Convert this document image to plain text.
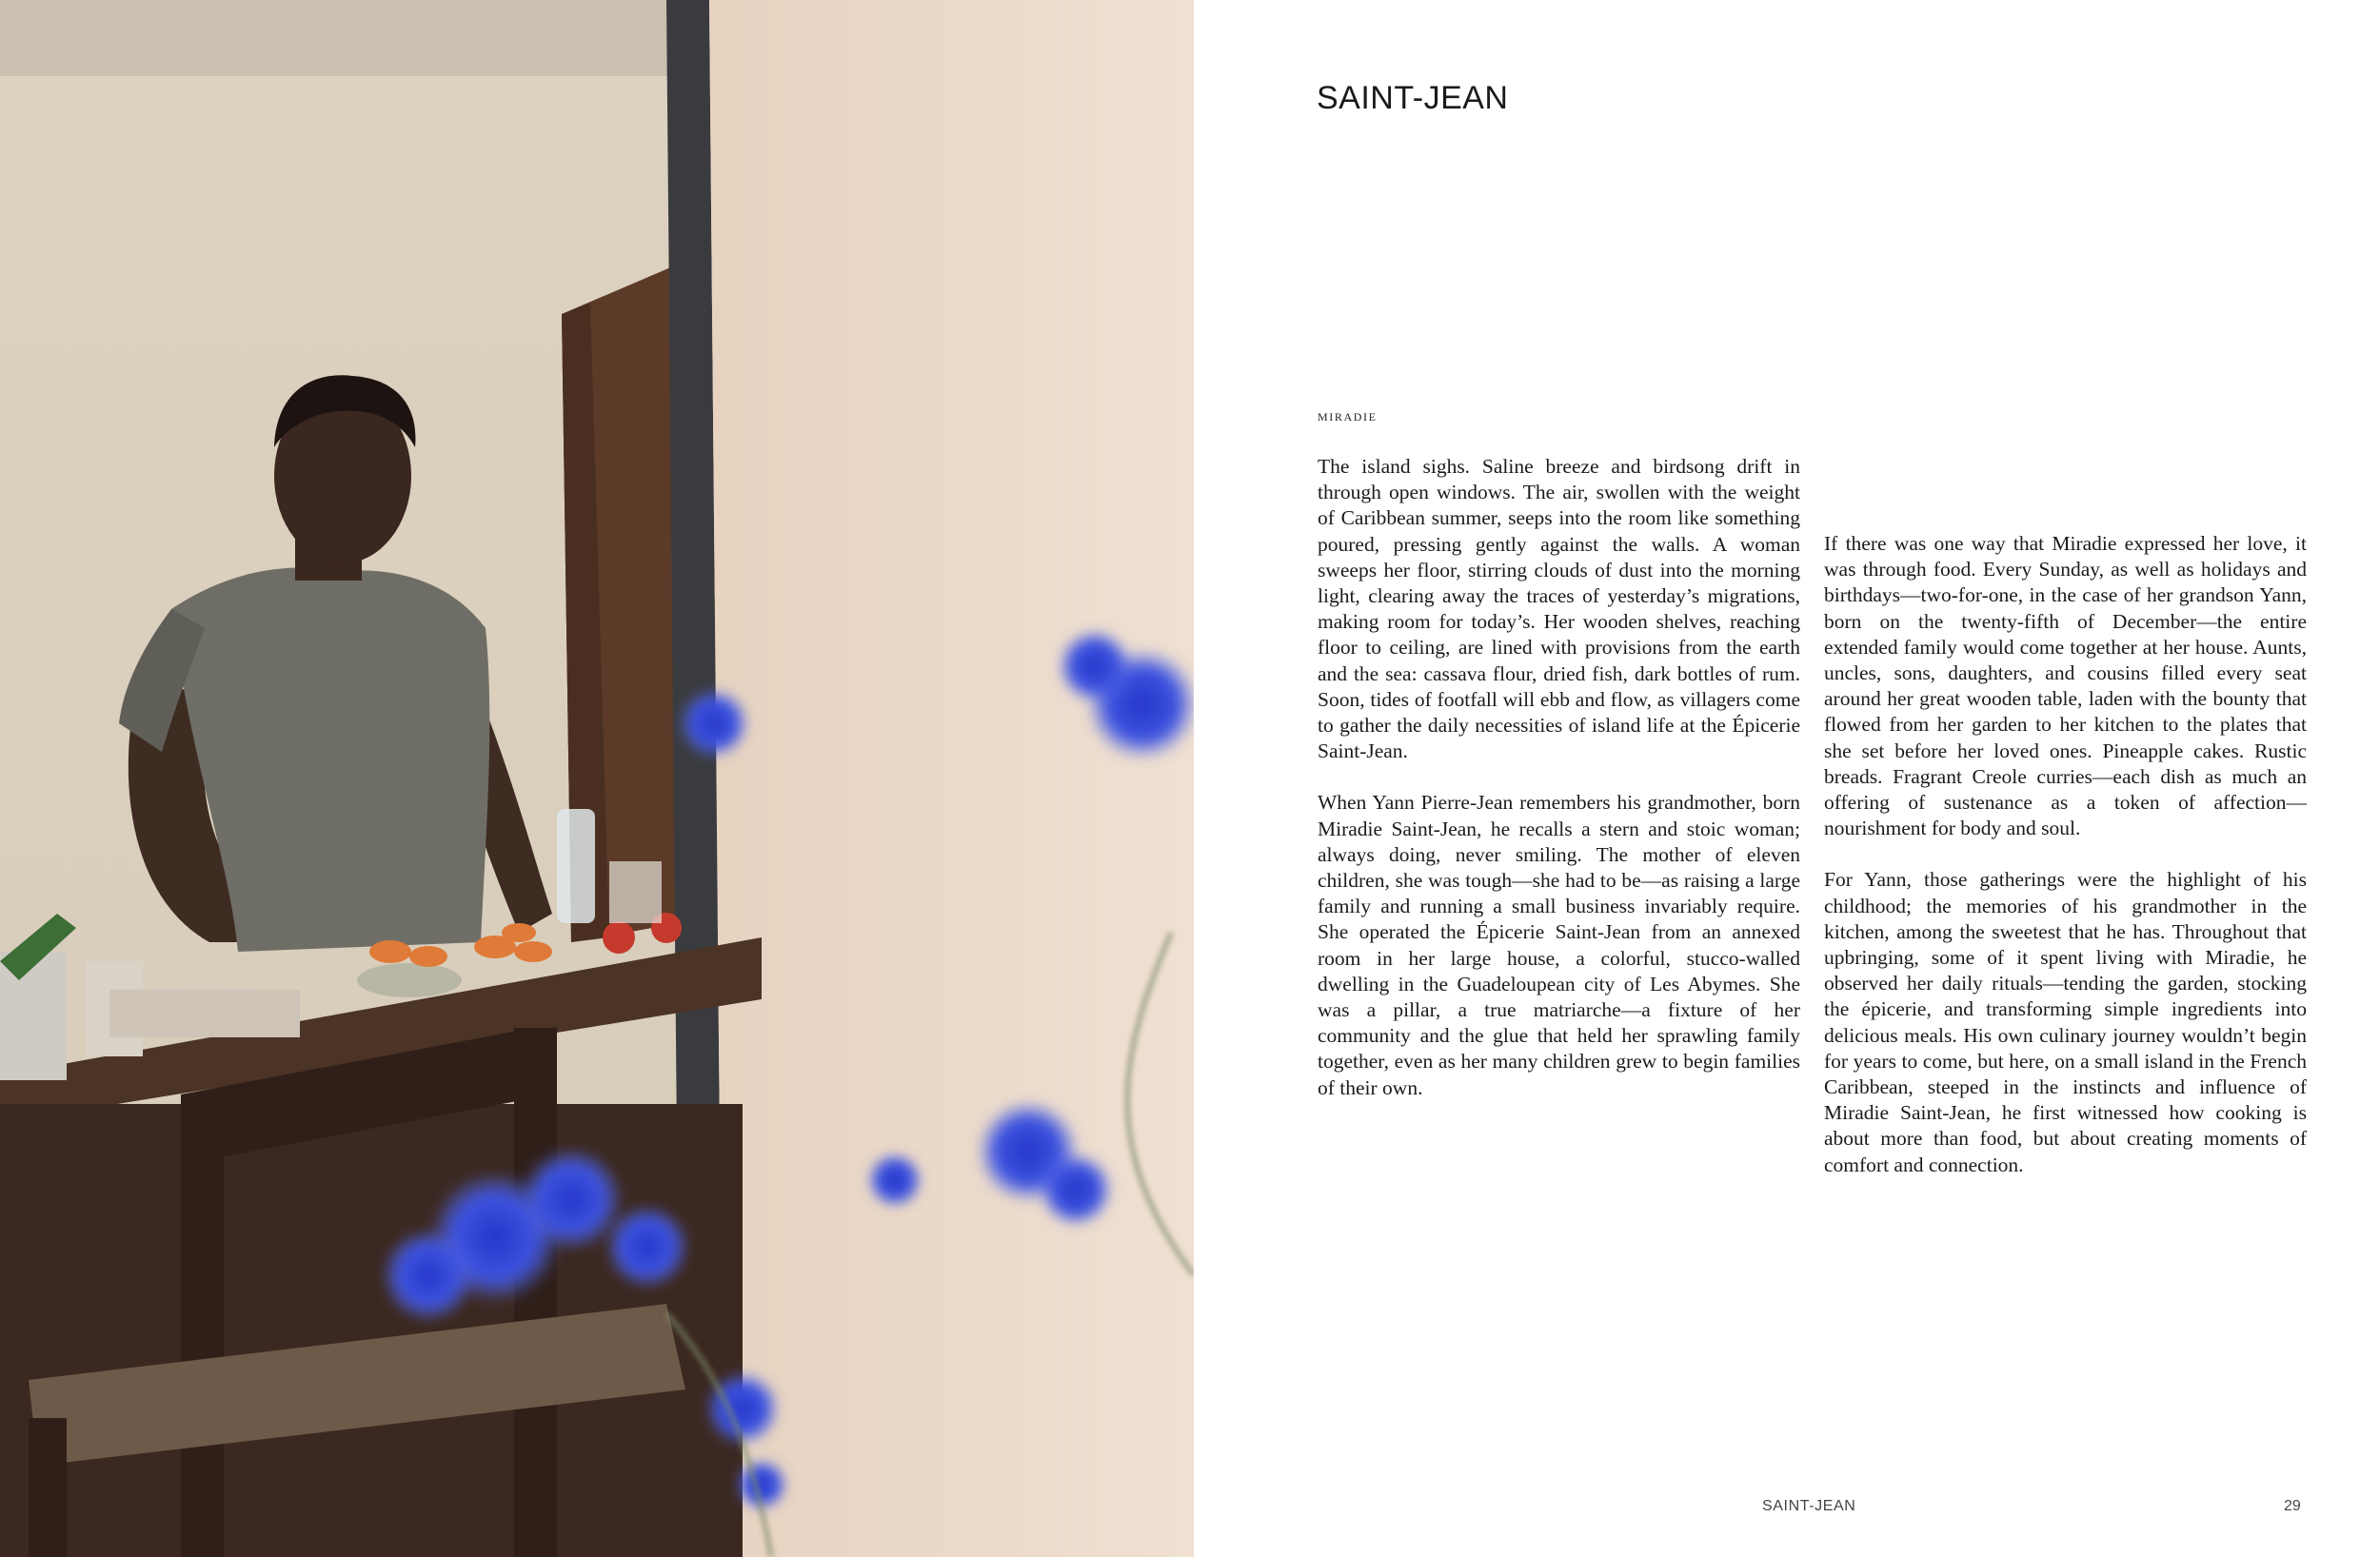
SAINT-JEAN
miradie

The island sighs. Saline breeze and birdsong drift in through open windows. The air, swollen with the weight of Caribbean summer, seeps into the room like something poured, pressing gently against the walls. A woman sweeps her floor, stirring clouds of dust into the morning light, clearing away the traces of yesterday’s migrations, making room for today’s. Her wooden shelves, reaching floor to ceiling, are lined with provisions from the earth and the sea: cassava flour, dried fish, dark bottles of rum. Soon, tides of footfall will ebb and flow, as villagers come to gather the daily necessities of island life at the Épicerie Saint-Jean.

When Yann Pierre-Jean remembers his grandmother, born Miradie Saint-Jean, he recalls a stern and stoic woman; always doing, never smiling. The mother of eleven children, she was tough—she had to be—as raising a large family and running a small business invariably require. She operated the Épicerie Saint-Jean from an annexed room in her large house, a colorful, stucco-walled dwelling in the Guadeloupean city of Les Abymes. She was a pillar, a true matriarche—a fixture of her community and the glue that held her sprawling family together, even as her many children grew to begin families of their own.

If there was one way that Miradie expressed her love, it was through food. Every Sunday, as well as holidays and birthdays—two-for-one, in the case of her grandson Yann, born on the twenty-fifth of December—the entire extended family would come together at her house. Aunts, uncles, sons, daughters, and cousins filled every seat around her great wooden table, laden with the bounty that flowed from her garden to her kitchen to the plates that she set before her loved ones. Pineapple cakes. Rustic breads. Fragrant Creole curries—each dish as much an offering of sustenance as a token of affection—nourishment for body and soul.

For Yann, those gatherings were the highlight of his childhood; the memories of his grandmother in the kitchen, among the sweetest that he has. Throughout that upbringing, some of it spent living with Miradie, he observed her daily rituals—tending the garden, stocking the épicerie, and transforming simple ingredients into delicious meals. His own culinary journey wouldn’t begin for years to come, but here, on a small island in the French Caribbean, steeped in the instincts and influence of Miradie Saint-Jean, he first witnessed how cooking is about more than food, but about creating moments of comfort and connection.

SAINT-JEAN	29
